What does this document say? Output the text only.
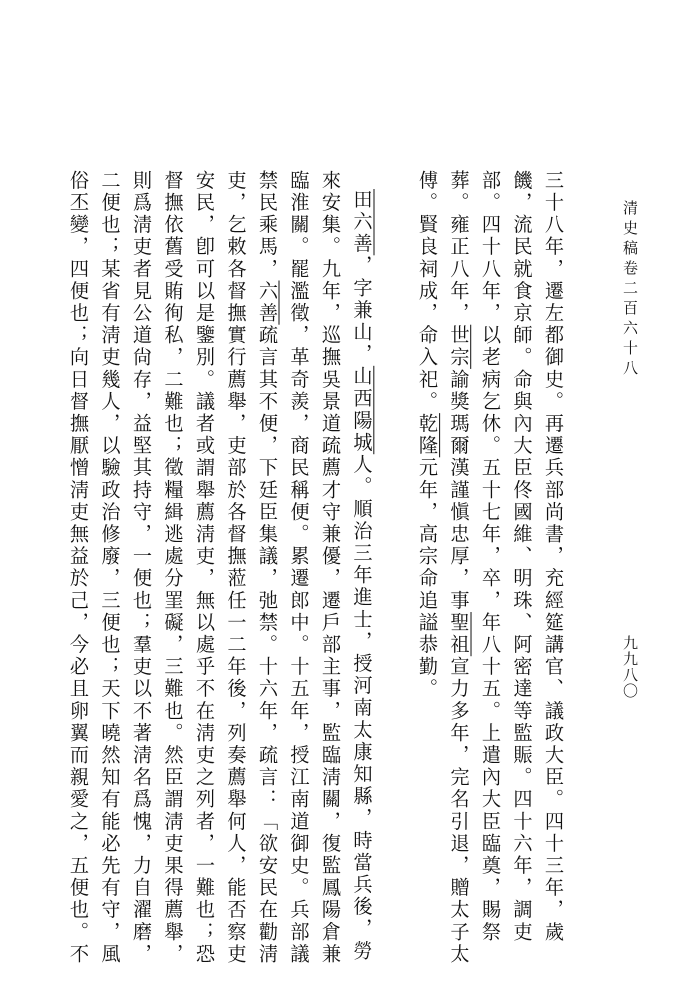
清史稿卷二百六十八
九九八〇

三十八年，遷左都御史。再遷兵部尚書，充經筵講官、議政大臣。四十三年，歲饑，流民就食京師。命與內大臣佟國維、明珠、阿密達等監賑。四十六年，調吏部。四十八年，以老病乞休。五十七年，卒，年八十五。上遣內大臣臨奠，賜祭葬。雍正八年，世宗諭獎瑪爾漢謹愼忠厚，事聖祖宣力多年，完名引退，贈太子太傅。賢良祠成，命入祀。乾隆元年，高宗命追謚恭勤。

田六善，字兼山，山西陽城人。順治三年進士，授河南太康知縣，時當兵後，勞來安集。九年，巡撫吳景道疏薦才守兼優，遷戶部主事，監臨淸關，復監鳳陽倉兼臨淮關。罷濫徵，革奇羨，商民稱便。累遷郎中。十五年，授江南道御史。兵部議禁民乘馬，六善疏言其不便，下廷臣集議，弛禁。十六年，疏言：「欲安民在勸淸吏，乞敕各督撫實行薦舉，吏部於各督撫蒞任一二年後，列奏薦舉何人，能否察吏安民，卽可以是鑒別。議者或謂舉薦淸吏，無以處乎不在淸吏之列者，一難也；恐督撫依舊受賄徇私，二難也；徵糧緝逃處分罣礙，三難也。然臣謂淸吏果得薦舉，則爲淸吏者見公道尙存，益堅其持守，一便也；羣吏以不著淸名爲愧，力自濯磨，二便也；某省有淸吏幾人，以驗政治修廢，三便也；天下曉然知有能必先有守，風俗丕變，四便也；向日督撫厭憎淸吏無益於己，今必且卵翼而親愛之，五便也。不
